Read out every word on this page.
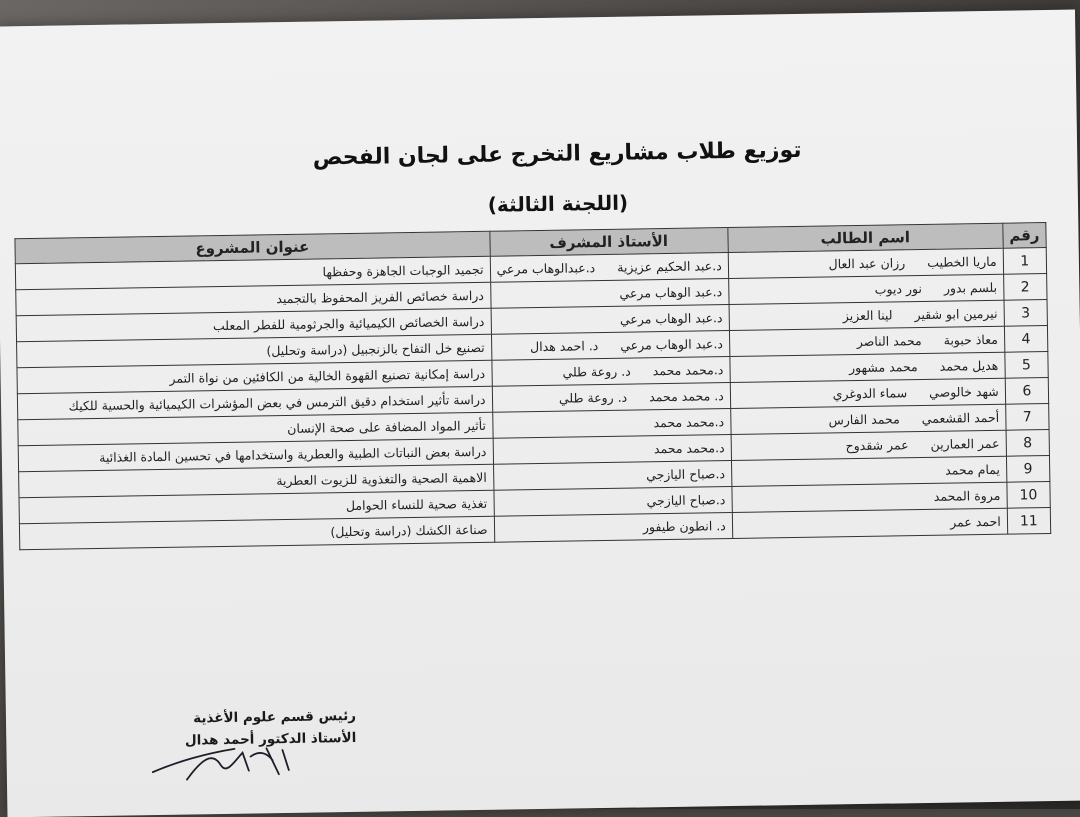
توزيع طلاب مشاريع التخرج على لجان الفحص
(اللجنة الثالثة)
رقم	اسم الطالب	الأستاذ المشرف	عنوان المشروع
1	ماريا الخطيبرزان عبد العال	د.عبد الحكيم عزيزيةد.عبدالوهاب مرعي	تجميد الوجبات الجاهزة وحفظها
2	بلسم بدورنور ديوب	د.عبد الوهاب مرعي	دراسة خصائص الفريز المحفوظ بالتجميد
3	نيرمين ابو شقيرلينا العزيز	د.عبد الوهاب مرعي	دراسة الخصائص الكيميائية والجرثومية للفطر المعلب
4	معاذ حبوبةمحمد الناصر	د.عبد الوهاب مرعيد. احمد هدال	تصنيع خل التفاح بالزنجبيل (دراسة وتحليل)
5	هديل محمدمحمد مشهور	د.محمد محمدد. روعة طلي	دراسة إمكانية تصنيع القهوة الخالية من الكافئين من نواة التمر
6	شهد خالوصيسماء الدوغري	د. محمد محمدد. روعة طلي	دراسة تأثير استخدام دقيق الترمس في بعض المؤشرات الكيميائية والحسية للكيك
7	أحمد القشعميمحمد الفارس	د.محمد محمد	تأثير المواد المضافة على صحة الإنسان
8	عمر العمارينعمر شقدوح	د.محمد محمد	دراسة بعض النباتات الطبية والعطرية واستخدامها في تحسين المادة الغذائية
9	يمام محمد	د.صباح اليازجي	الاهمية الصحية والتغذوية للزيوت العطرية
10	مروة المحمد	د.صباح اليازجي	تغذية صحية للنساء الحوامل
11	احمد عمر	د. انطون طيفور	صناعة الكشك (دراسة وتحليل)
رئيس قسم علوم الأغذية
الأستاذ الدكتور أحمد هدال
